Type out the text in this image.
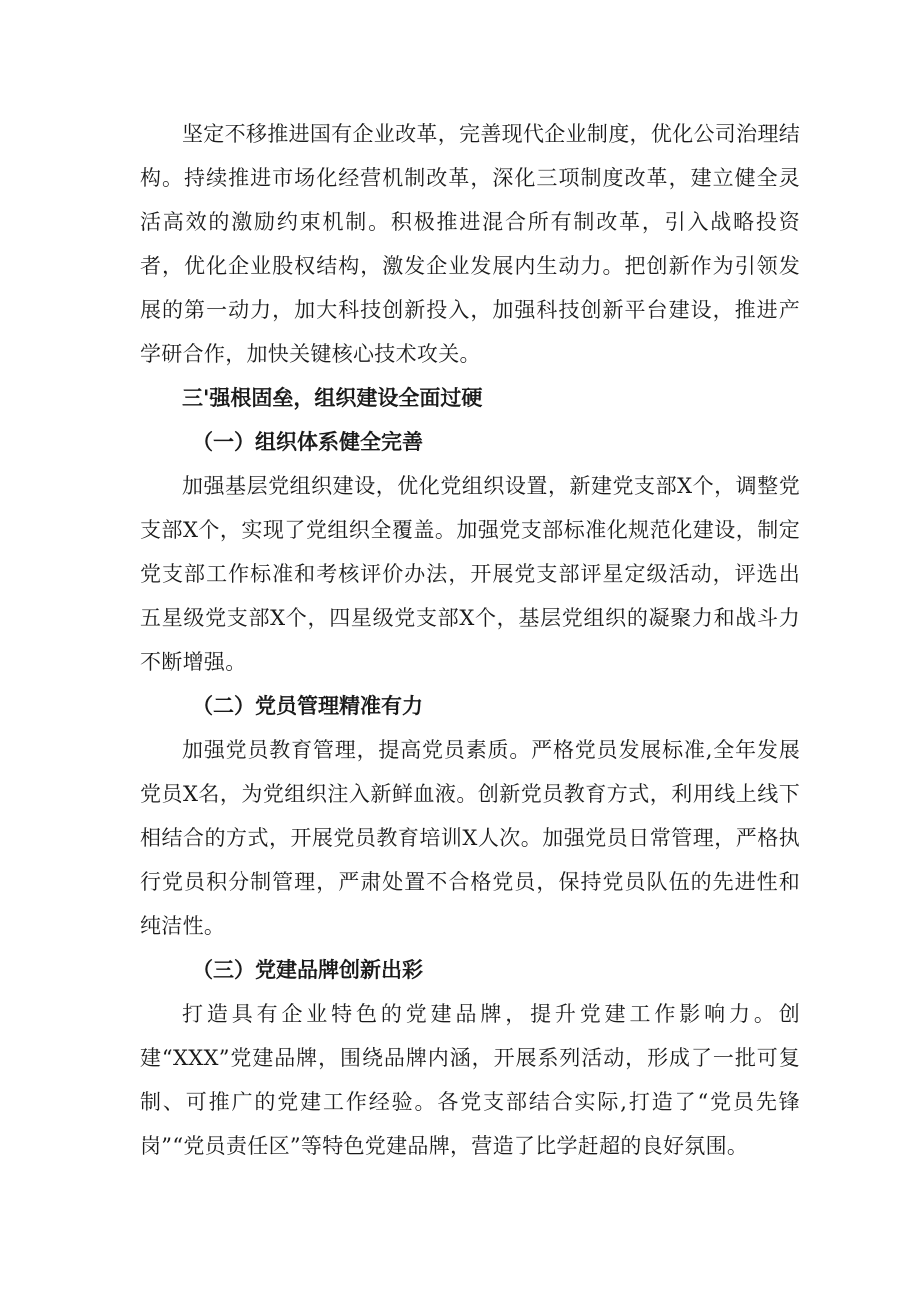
坚定不移推进国有企业改革，完善现代企业制度，优化公司治理结构。持续推进市场化经营机制改革，深化三项制度改革，建立健全灵活高效的激励约束机制。积极推进混合所有制改革，引入战略投资者，优化企业股权结构，激发企业发展内生动力。把创新作为引领发展的第一动力，加大科技创新投入，加强科技创新平台建设，推进产学研合作，加快关键核心技术攻关。

三'强根固垒，组织建设全面过硬

（一）组织体系健全完善

加强基层党组织建设，优化党组织设置，新建党支部X个，调整党支部X个，实现了党组织全覆盖。加强党支部标准化规范化建设，制定党支部工作标准和考核评价办法，开展党支部评星定级活动，评选出五星级党支部X个，四星级党支部X个，基层党组织的凝聚力和战斗力不断增强。

（二）党员管理精准有力

加强党员教育管理，提高党员素质。严格党员发展标准,全年发展党员X名，为党组织注入新鲜血液。创新党员教育方式，利用线上线下相结合的方式，开展党员教育培训X人次。加强党员日常管理，严格执行党员积分制管理，严肃处置不合格党员，保持党员队伍的先进性和纯洁性。

（三）党建品牌创新出彩

打造具有企业特色的党建品牌，提升党建工作影响力。创建“XXX”党建品牌，围绕品牌内涵，开展系列活动，形成了一批可复制、可推广的党建工作经验。各党支部结合实际,打造了“党员先锋岗”“党员责任区”等特色党建品牌，营造了比学赶超的良好氛围。
